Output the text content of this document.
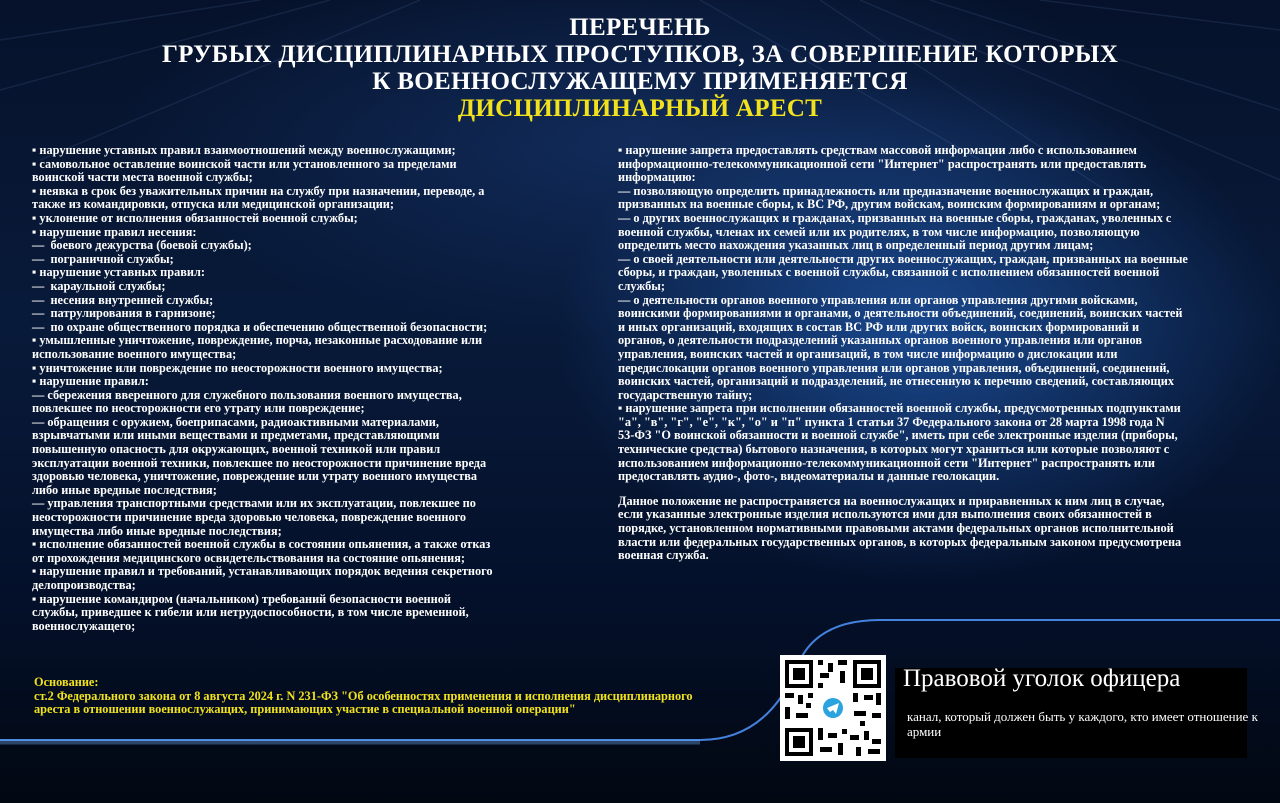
ПЕРЕЧЕНЬ
ГРУБЫХ ДИСЦИПЛИНАРНЫХ ПРОСТУПКОВ, ЗА СОВЕРШЕНИЕ КОТОРЫХ
К ВОЕННОСЛУЖАЩЕМУ ПРИМЕНЯЕТСЯ
ДИСЦИПЛИНАРНЫЙ АРЕСТ
▪ нарушение уставных правил взаимоотношений между военнослужащими;
▪ самовольное оставление воинской части или установленного за пределами
воинской части места военной службы;
▪ неявка в срок без уважительных причин на службу при назначении, переводе, а
также из командировки, отпуска или медицинской организации;
▪ уклонение от исполнения обязанностей военной службы;
▪ нарушение правил несения:
—  боевого дежурства (боевой службы);
—  пограничной службы;
▪ нарушение уставных правил:
—  караульной службы;
—  несения внутренней службы;
—  патрулирования в гарнизоне;
—  по охране общественного порядка и обеспечению общественной безопасности;
▪ умышленные уничтожение, повреждение, порча, незаконные расходование или
использование военного имущества;
▪ уничтожение или повреждение по неосторожности военного имущества;
▪ нарушение правил:
— сбережения вверенного для служебного пользования военного имущества,
повлекшее по неосторожности его утрату или повреждение;
— обращения с оружием, боеприпасами, радиоактивными материалами,
взрывчатыми или иными веществами и предметами, представляющими
повышенную опасность для окружающих, военной техникой или правил
эксплуатации военной техники, повлекшее по неосторожности причинение вреда
здоровью человека, уничтожение, повреждение или утрату военного имущества
либо иные вредные последствия;
— управления транспортными средствами или их эксплуатации, повлекшее по
неосторожности причинение вреда здоровью человека, повреждение военного
имущества либо иные вредные последствия;
▪ исполнение обязанностей военной службы в состоянии опьянения, а также отказ
от прохождения медицинского освидетельствования на состояние опьянения;
▪ нарушение правил и требований, устанавливающих порядок ведения секретного
делопроизводства;
▪ нарушение командиром (начальником) требований безопасности военной
службы, приведшее к гибели или нетрудоспособности, в том числе временной,
военнослужащего;
▪ нарушение запрета предоставлять средствам массовой информации либо с использованием
информационно-телекоммуникационной сети "Интернет" распространять или предоставлять
информацию:
— позволяющую определить принадлежность или предназначение военнослужащих и граждан,
призванных на военные сборы, к ВС РФ, другим войскам, воинским формированиям и органам;
— о других военнослужащих и гражданах, призванных на военные сборы, гражданах, уволенных с
военной службы, членах их семей или их родителях, в том числе информацию, позволяющую
определить место нахождения указанных лиц в определенный период другим лицам;
— о своей деятельности или деятельности других военнослужащих, граждан, призванных на военные
сборы, и граждан, уволенных с военной службы, связанной с исполнением обязанностей военной
службы;
— о деятельности органов военного управления или органов управления другими войсками,
воинскими формированиями и органами, о деятельности объединений, соединений, воинских частей
и иных организаций, входящих в состав ВС РФ или других войск, воинских формирований и
органов, о деятельности подразделений указанных органов военного управления или органов
управления, воинских частей и организаций, в том числе информацию о дислокации или
передислокации органов военного управления или органов управления, объединений, соединений,
воинских частей, организаций и подразделений, не отнесенную к перечню сведений, составляющих
государственную тайну;
▪ нарушение запрета при исполнении обязанностей военной службы, предусмотренных подпунктами
"а", "в", "г", "е", "к", "о" и "п" пункта 1 статьи 37 Федерального закона от 28 марта 1998 года N
53-ФЗ "О воинской обязанности и военной службе", иметь при себе электронные изделия (приборы,
технические средства) бытового назначения, в которых могут храниться или которые позволяют с
использованием информационно-телекоммуникационной сети "Интернет" распространять или
предоставлять аудио-, фото-, видеоматериалы и данные геолокации.
Данное положение не распространяется на военнослужащих и приравненных к ним лиц в случае,
если указанные электронные изделия используются ими для выполнения своих обязанностей в
порядке, установленном нормативными правовыми актами федеральных органов исполнительной
власти или федеральных государственных органов, в которых федеральным законом предусмотрена
военная служба.
Основание:
ст.2 Федерального закона от 8 августа 2024 г. N 231-ФЗ "Об особенностях применения и исполнения дисциплинарного ареста в отношении военнослужащих, принимающих участие в специальной военной операции"
Правовой уголок офицера
канал, который должен быть у каждого, кто имеет отношение к армии
